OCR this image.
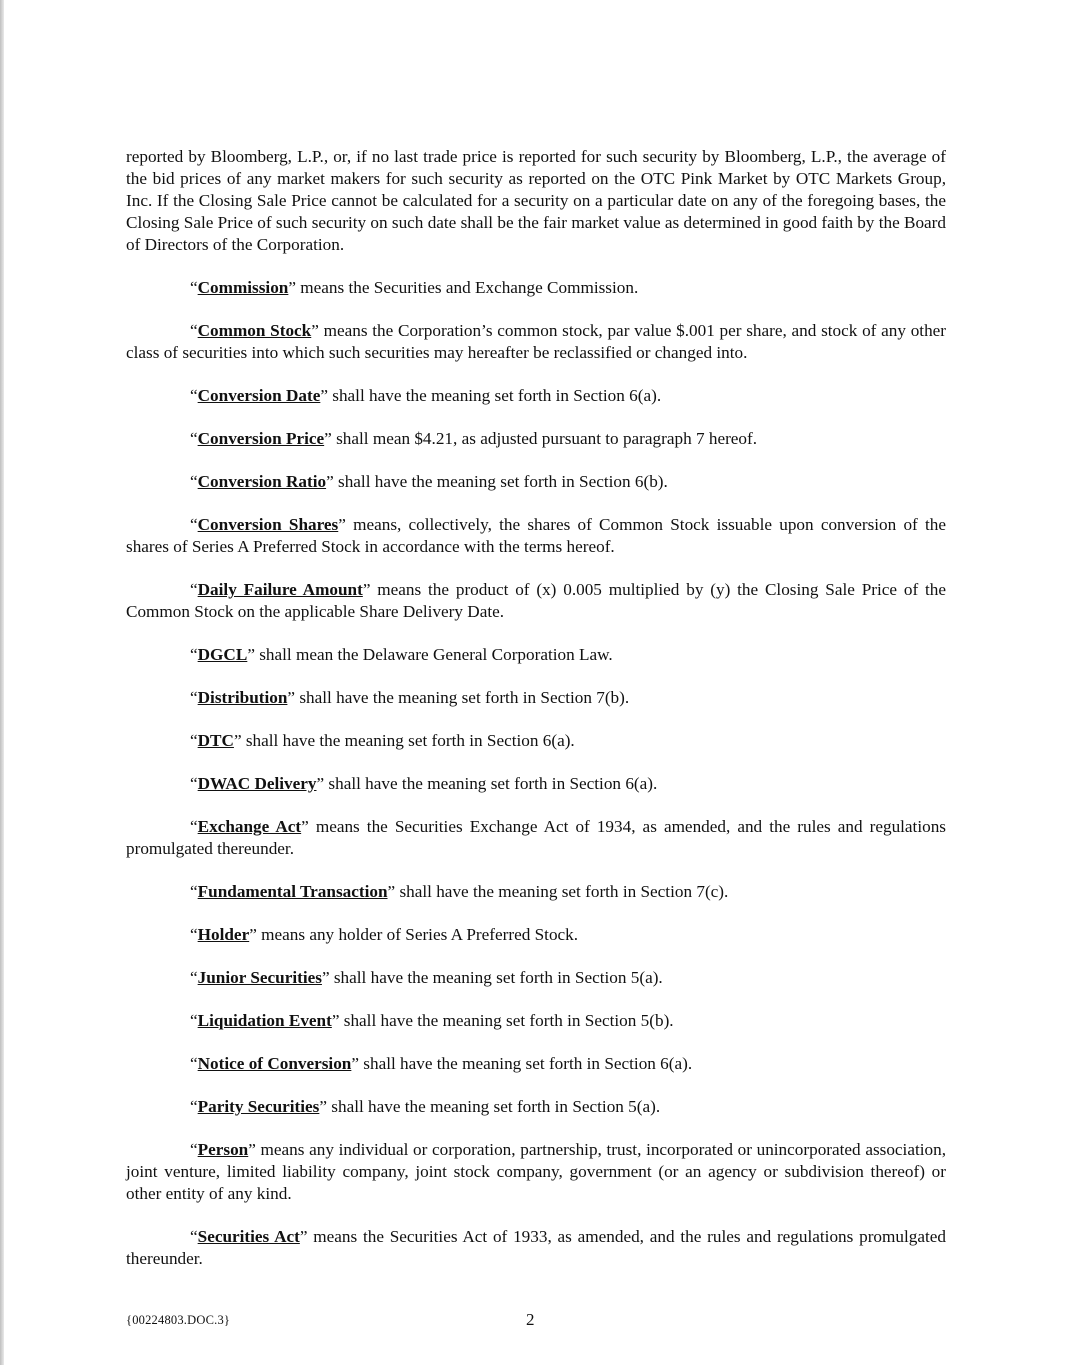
reported by Bloomberg, L.P., or, if no last trade price is reported for such security by Bloomberg, L.P., the average of the bid prices of any market makers for such security as reported on the OTC Pink Market by OTC Markets Group, Inc. If the Closing Sale Price cannot be calculated for a security on a particular date on any of the foregoing bases, the Closing Sale Price of such security on such date shall be the fair market value as determined in good faith by the Board of Directors of the Corporation.

“Commission” means the Securities and Exchange Commission.

“Common Stock” means the Corporation’s common stock, par value $.001 per share, and stock of any other class of securities into which such securities may hereafter be reclassified or changed into.

“Conversion Date” shall have the meaning set forth in Section 6(a).

“Conversion Price” shall mean $4.21, as adjusted pursuant to paragraph 7 hereof.

“Conversion Ratio” shall have the meaning set forth in Section 6(b).

“Conversion Shares” means, collectively, the shares of Common Stock issuable upon conversion of the shares of Series A Preferred Stock in accordance with the terms hereof.

“Daily Failure Amount” means the product of (x) 0.005 multiplied by (y) the Closing Sale Price of the Common Stock on the applicable Share Delivery Date.

“DGCL” shall mean the Delaware General Corporation Law.

“Distribution” shall have the meaning set forth in Section 7(b).

“DTC” shall have the meaning set forth in Section 6(a).

“DWAC Delivery” shall have the meaning set forth in Section 6(a).

“Exchange Act” means the Securities Exchange Act of 1934, as amended, and the rules and regulations promulgated thereunder.

“Fundamental Transaction” shall have the meaning set forth in Section 7(c).

“Holder” means any holder of Series A Preferred Stock.

“Junior Securities” shall have the meaning set forth in Section 5(a).

“Liquidation Event” shall have the meaning set forth in Section 5(b).

“Notice of Conversion” shall have the meaning set forth in Section 6(a).

“Parity Securities” shall have the meaning set forth in Section 5(a).

“Person” means any individual or corporation, partnership, trust, incorporated or unincorporated association, joint venture, limited liability company, joint stock company, government (or an agency or subdivision thereof) or other entity of any kind.

“Securities Act” means the Securities Act of 1933, as amended, and the rules and regulations promulgated thereunder.

{00224803.DOC.3}	2
